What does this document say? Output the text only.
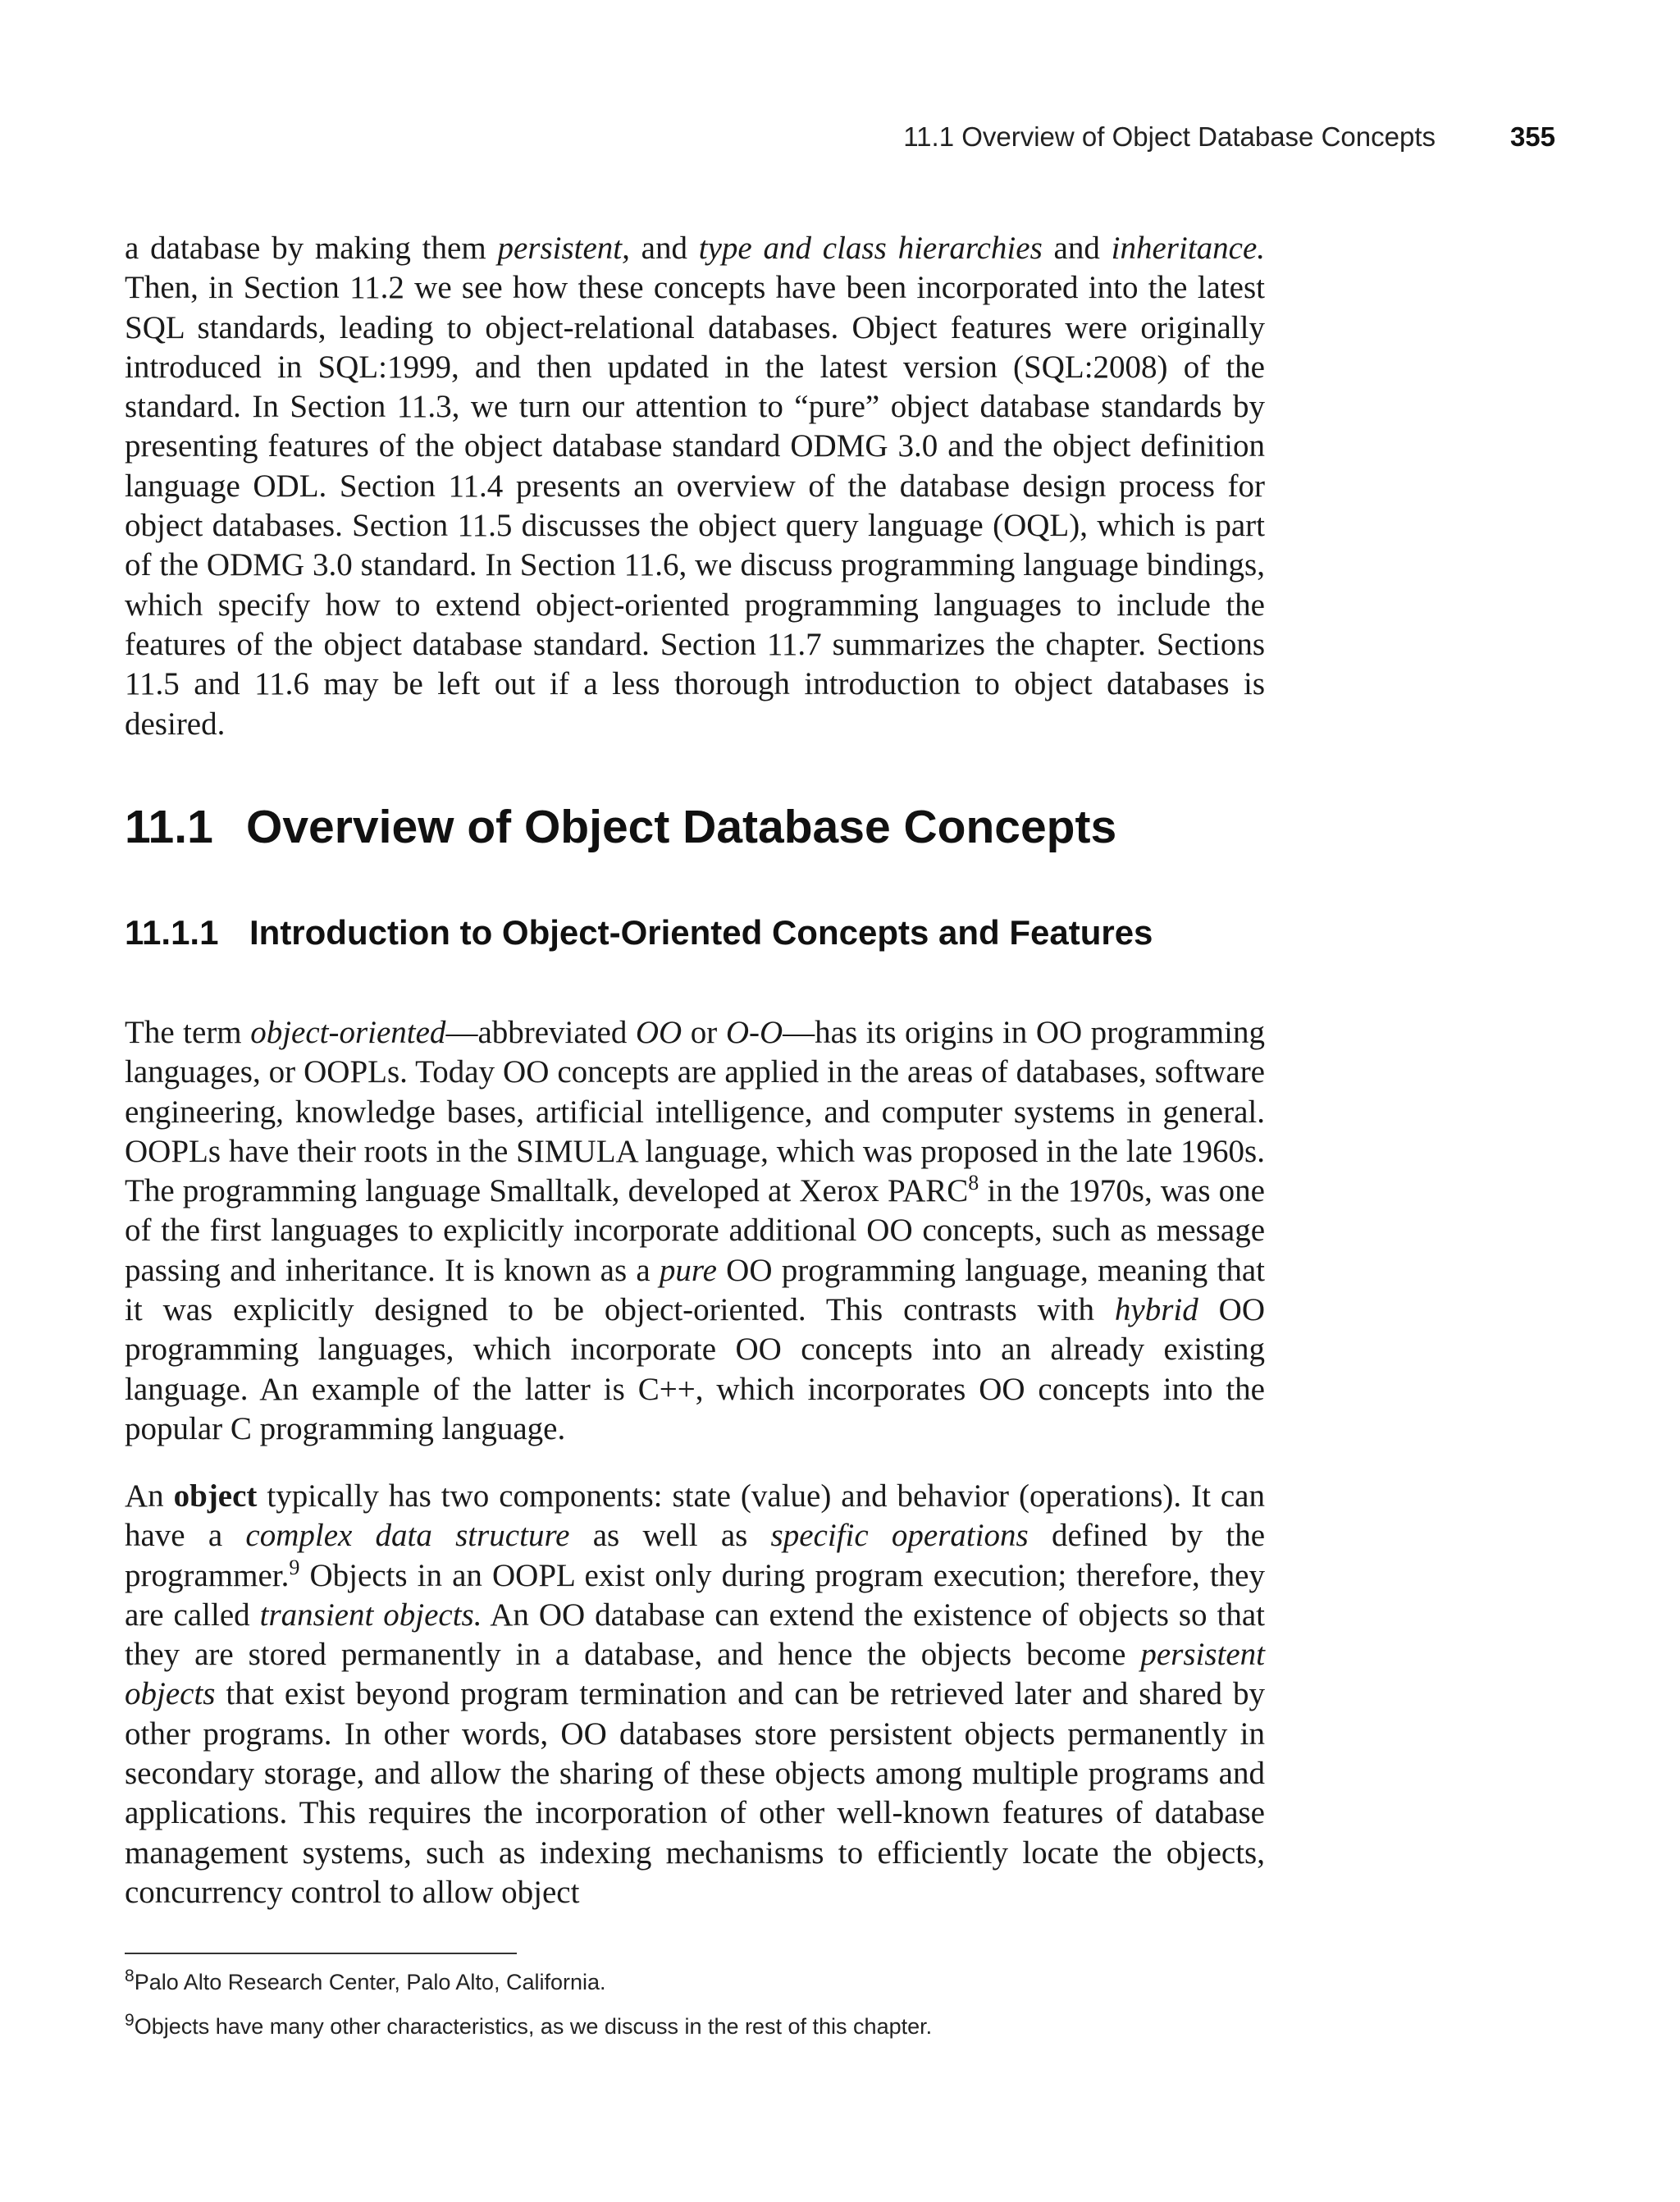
11.1 Overview of Object Database Concepts	355

a database by making them persistent, and type and class hierarchies and inheritance. Then, in Section 11.2 we see how these concepts have been incorporated into the latest SQL standards, leading to object-relational databases. Object features were originally introduced in SQL:1999, and then updated in the latest version (SQL:2008) of the standard. In Section 11.3, we turn our attention to “pure” object database standards by presenting features of the object database standard ODMG 3.0 and the object definition language ODL. Section 11.4 presents an overview of the database design process for object databases. Section 11.5 discusses the object query language (OQL), which is part of the ODMG 3.0 standard. In Section 11.6, we discuss programming language bindings, which specify how to extend object-oriented programming languages to include the features of the object database standard. Section 11.7 summarizes the chapter. Sections 11.5 and 11.6 may be left out if a less thorough introduction to object databases is desired.

11.1 Overview of Object Database Concepts
11.1.1 Introduction to Object-Oriented Concepts and Features

The term object-oriented—abbreviated OO or O-O—has its origins in OO programming languages, or OOPLs. Today OO concepts are applied in the areas of databases, software engineering, knowledge bases, artificial intelligence, and computer systems in general. OOPLs have their roots in the SIMULA language, which was proposed in the late 1960s. The programming language Smalltalk, developed at Xerox PARC$^8$ in the 1970s, was one of the first languages to explicitly incorporate additional OO concepts, such as message passing and inheritance. It is known as a pure OO programming language, meaning that it was explicitly designed to be object-oriented. This contrasts with hybrid OO programming languages, which incorporate OO concepts into an already existing language. An example of the latter is C++, which incorporates OO concepts into the popular C programming language.

An object typically has two components: state (value) and behavior (operations). It can have a complex data structure as well as specific operations defined by the programmer.$^9$ Objects in an OOPL exist only during program execution; therefore, they are called transient objects. An OO database can extend the existence of objects so that they are stored permanently in a database, and hence the objects become persistent objects that exist beyond program termination and can be retrieved later and shared by other programs. In other words, OO databases store persistent objects permanently in secondary storage, and allow the sharing of these objects among multiple programs and applications. This requires the incorporation of other well-known features of database management systems, such as indexing mechanisms to efficiently locate the objects, concurrency control to allow object

$^8$Palo Alto Research Center, Palo Alto, California.

$^9$Objects have many other characteristics, as we discuss in the rest of this chapter.
